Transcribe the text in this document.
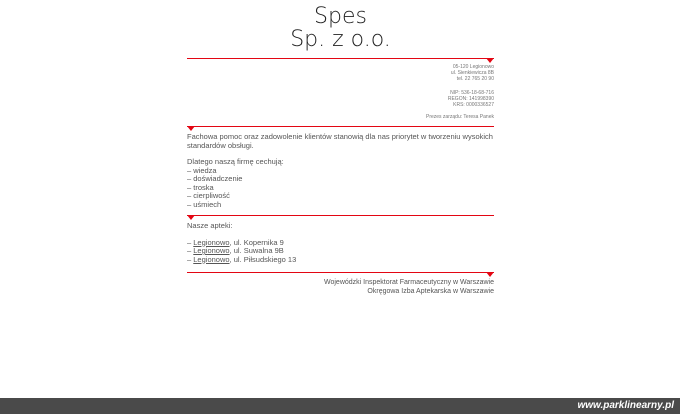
Spes
Sp. z o.o.
05-120 Legionowo
ul. Sienkiewicza 8B
tel. 22 765 20 90
NIP: 536-18-68-716
REGON: 141998390
KRS: 0000336527
Prezes zarządu: Teresa Panek

Fachowa pomoc oraz zadowolenie klientów stanowią dla nas priorytet w tworzeniu wysokich standardów obsługi.

Dlatego naszą firmę cechują:

– wiedza
– doświadczenie
– troska
– cierpliwość
– uśmiech

Nasze apteki:

– Legionowo, ul. Kopernika 9
– Legionowo, ul. Suwalna 9B
– Legionowo, ul. Piłsudskiego 13
Wojewódzki Inspektorat Farmaceutyczny w Warszawie
Okręgowa Izba Aptekarska w Warszawie
www.parklinearny.pl
